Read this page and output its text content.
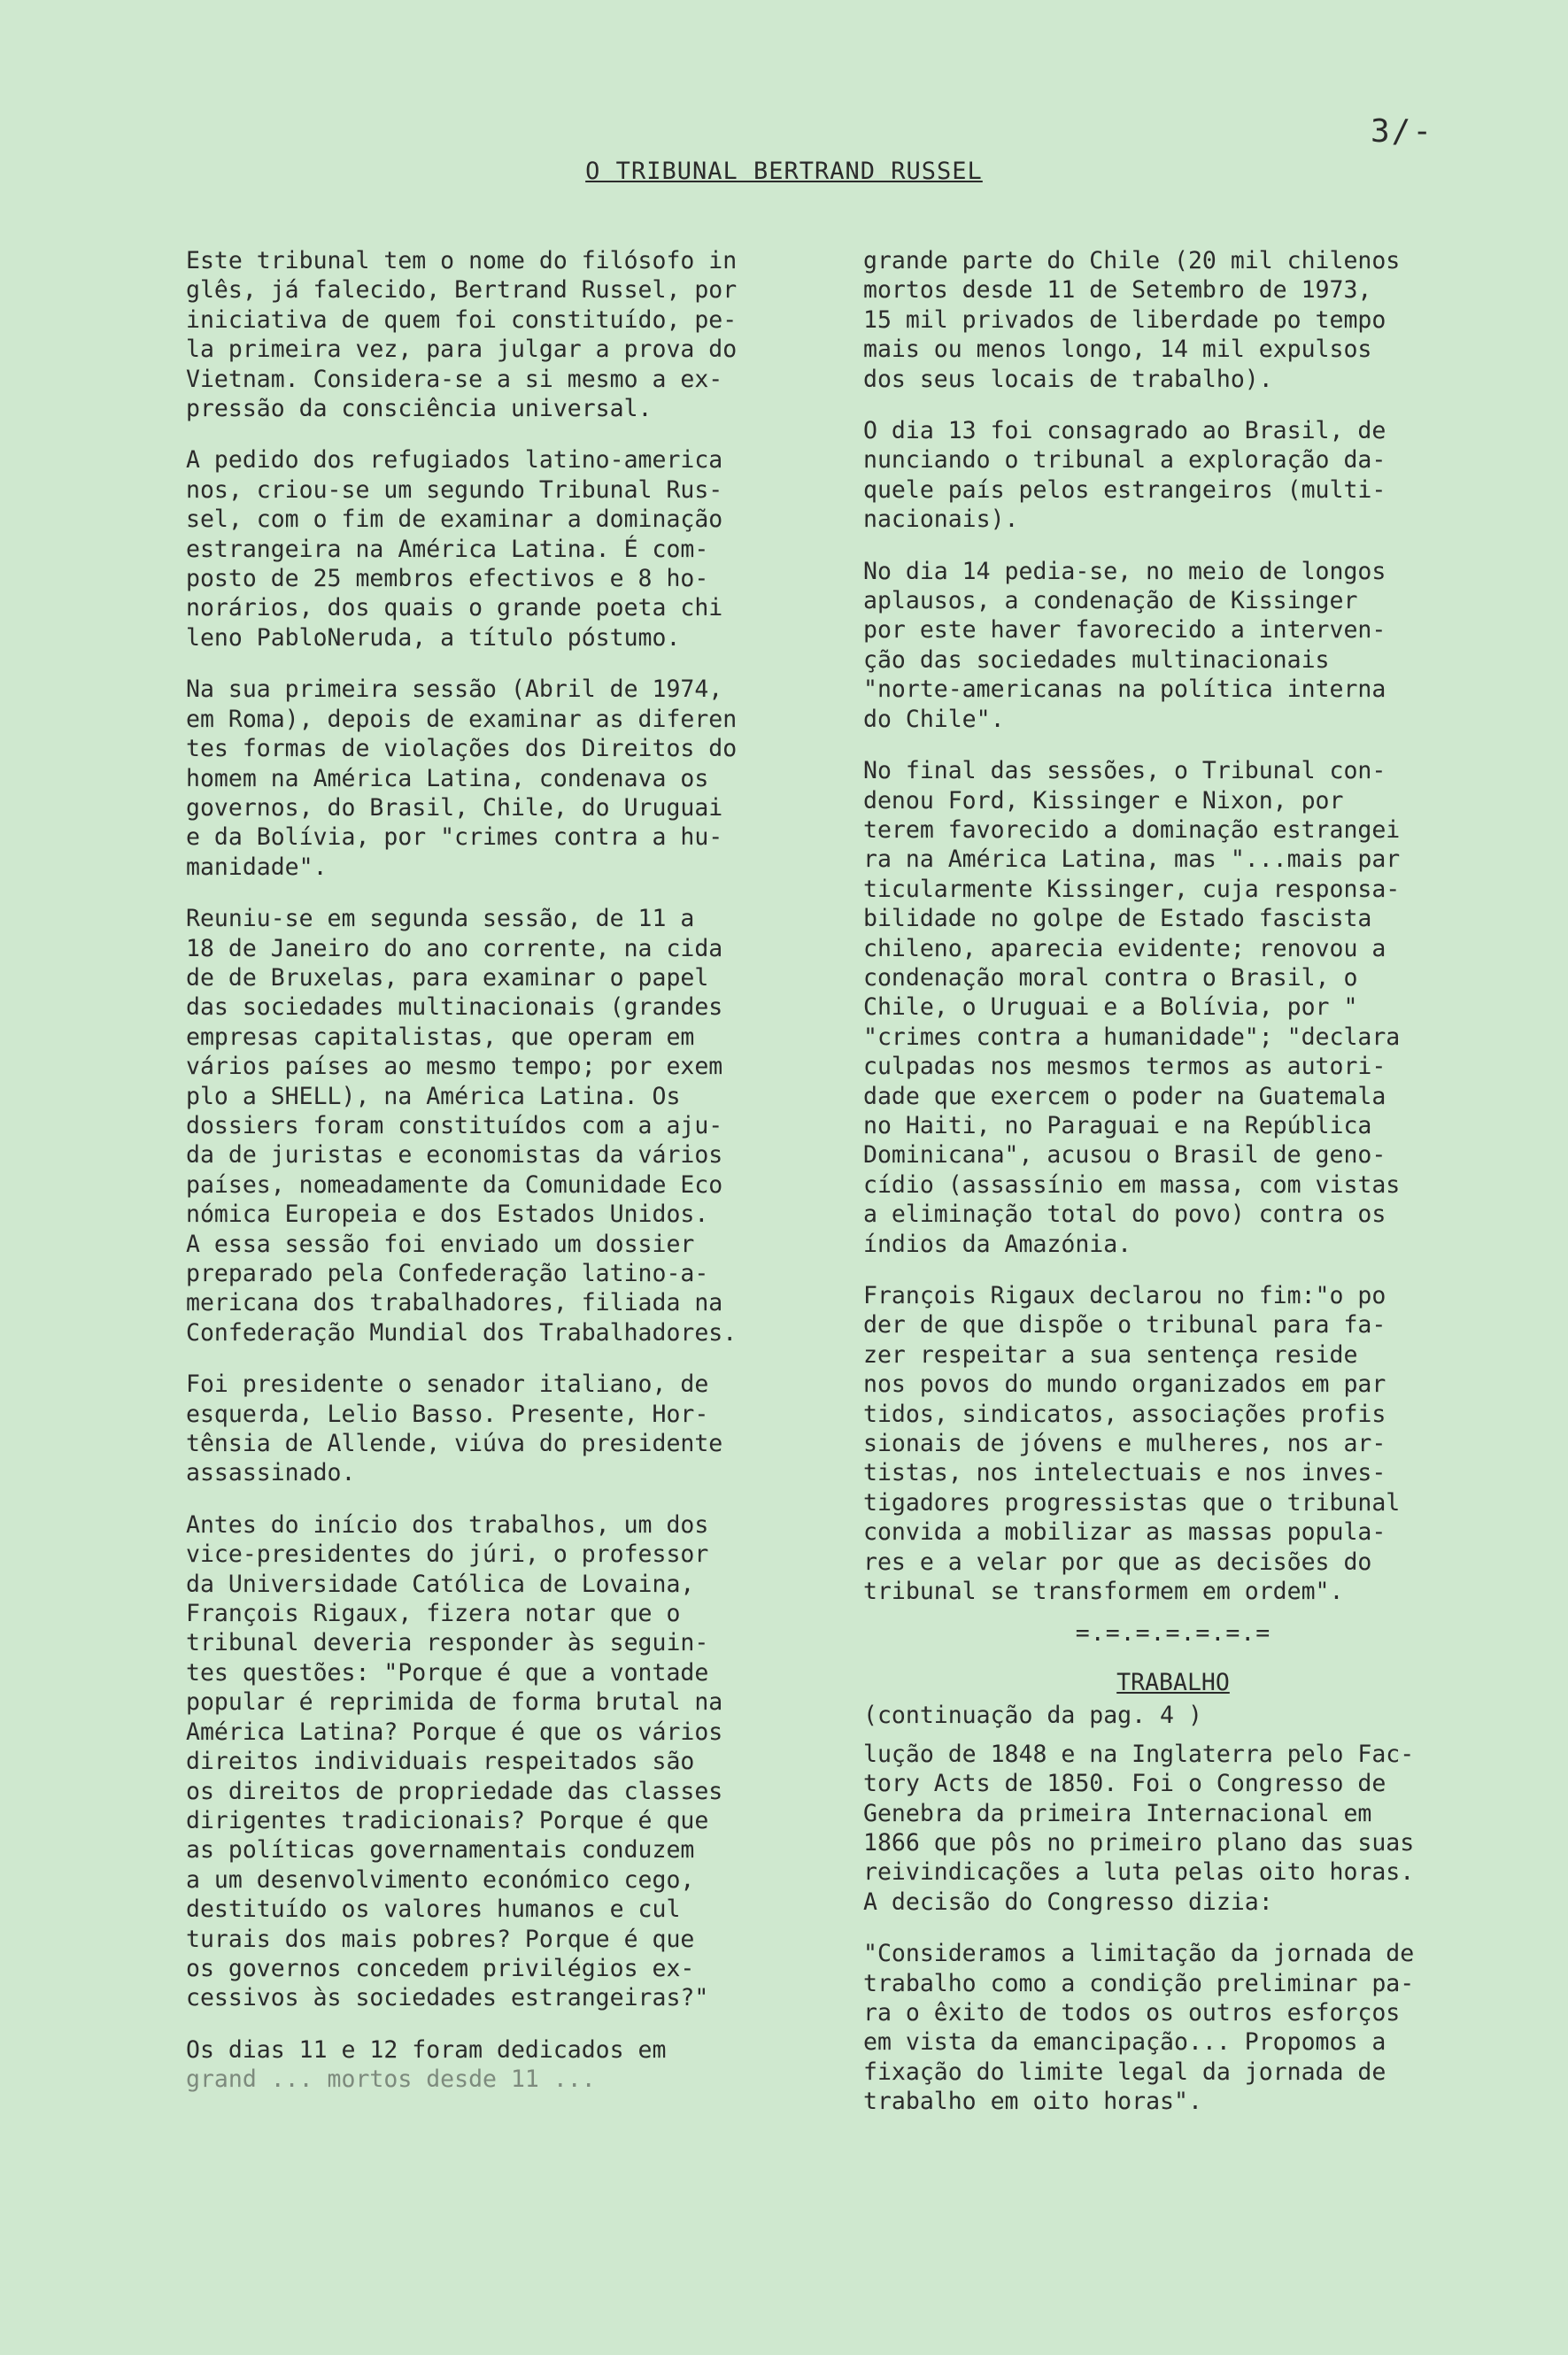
3/-
O TRIBUNAL BERTRAND RUSSEL

Este tribunal tem o nome do filósofo in
glês, já falecido, Bertrand Russel, por
iniciativa de quem foi constituído, pe-
la primeira vez, para julgar a prova do
Vietnam. Considera-se a si mesmo a ex-
pressão da consciência universal.

A pedido dos refugiados latino-america
nos, criou-se um segundo Tribunal Rus-
sel, com o fim de examinar a dominação
estrangeira na América Latina. É com-
posto de 25 membros efectivos e 8 ho-
norários, dos quais o grande poeta chi
leno PabloNeruda, a título póstumo.

Na sua primeira sessão (Abril de 1974,
em Roma), depois de examinar as diferen
tes formas de violações dos Direitos do
homem na América Latina, condenava os
governos, do Brasil, Chile, do Uruguai
e da Bolívia, por "crimes contra a hu-
manidade".

Reuniu-se em segunda sessão, de 11 a
18 de Janeiro do ano corrente, na cida
de de Bruxelas, para examinar o papel
das sociedades multinacionais (grandes
empresas capitalistas, que operam em
vários países ao mesmo tempo; por exem
plo a SHELL), na América Latina. Os
dossiers foram constituídos com a aju-
da de juristas e economistas da vários
países, nomeadamente da Comunidade Eco
nómica Europeia e dos Estados Unidos.
A essa sessão foi enviado um dossier
preparado pela Confederação latino-a-
mericana dos trabalhadores, filiada na
Confederação Mundial dos Trabalhadores.

Foi presidente o senador italiano, de
esquerda, Lelio Basso. Presente, Hor-
tênsia de Allende, viúva do presidente
assassinado.

Antes do início dos trabalhos, um dos
vice-presidentes do júri, o professor
da Universidade Católica de Lovaina,
François Rigaux, fizera notar que o
tribunal deveria responder às seguin-
tes questões: "Porque é que a vontade
popular é reprimida de forma brutal na
América Latina? Porque é que os vários
direitos individuais respeitados são
os direitos de propriedade das classes
dirigentes tradicionais? Porque é que
as políticas governamentais conduzem
a um desenvolvimento económico cego,
destituído os valores humanos e cul
turais dos mais pobres? Porque é que
os governos concedem privilégios ex-
cessivos às sociedades estrangeiras?"

Os dias 11 e 12 foram dedicados em

grand ... mortos desde 11 ...

grande parte do Chile (20 mil chilenos
mortos desde 11 de Setembro de 1973,
15 mil privados de liberdade po tempo
mais ou menos longo, 14 mil expulsos
dos seus locais de trabalho).

O dia 13 foi consagrado ao Brasil, de
nunciando o tribunal a exploração da-
quele país pelos estrangeiros (multi-
nacionais).

No dia 14 pedia-se, no meio de longos
aplausos, a condenação de Kissinger
por este haver favorecido a interven-
ção das sociedades multinacionais
"norte-americanas na política interna
do Chile".

No final das sessões, o Tribunal con-
denou Ford, Kissinger e Nixon, por
terem favorecido a dominação estrangei
ra na América Latina, mas "...mais par
ticularmente Kissinger, cuja responsa-
bilidade no golpe de Estado fascista
chileno, aparecia evidente; renovou a
condenação moral contra o Brasil, o
Chile, o Uruguai e a Bolívia, por "
"crimes contra a humanidade"; "declara
culpadas nos mesmos termos as autori-
dade que exercem o poder na Guatemala
no Haiti, no Paraguai e na República
Dominicana", acusou o Brasil de geno-
cídio (assassínio em massa, com vistas
a eliminação total do povo) contra os
índios da Amazónia.

François Rigaux declarou no fim:"o po
der de que dispõe o tribunal para fa-
zer respeitar a sua sentença reside
nos povos do mundo organizados em par
tidos, sindicatos, associações profis
sionais de jóvens e mulheres, nos ar-
tistas, nos intelectuais e nos inves-
tigadores progressistas que o tribunal
convida a mobilizar as massas popula-
res e a velar por que as decisões do
tribunal se transformem em ordem".

=.=.=.=.=.=.=
TRABALHO

(continuação da pag. 4 )

lução de 1848 e na Inglaterra pelo Fac-
tory Acts de 1850. Foi o Congresso de
Genebra da primeira Internacional em
1866 que pôs no primeiro plano das suas
reivindicações a luta pelas oito horas.
A decisão do Congresso dizia:

"Consideramos a limitação da jornada de
trabalho como a condição preliminar pa-
ra o êxito de todos os outros esforços
em vista da emancipação... Propomos a
fixação do limite legal da jornada de
trabalho em oito horas".
